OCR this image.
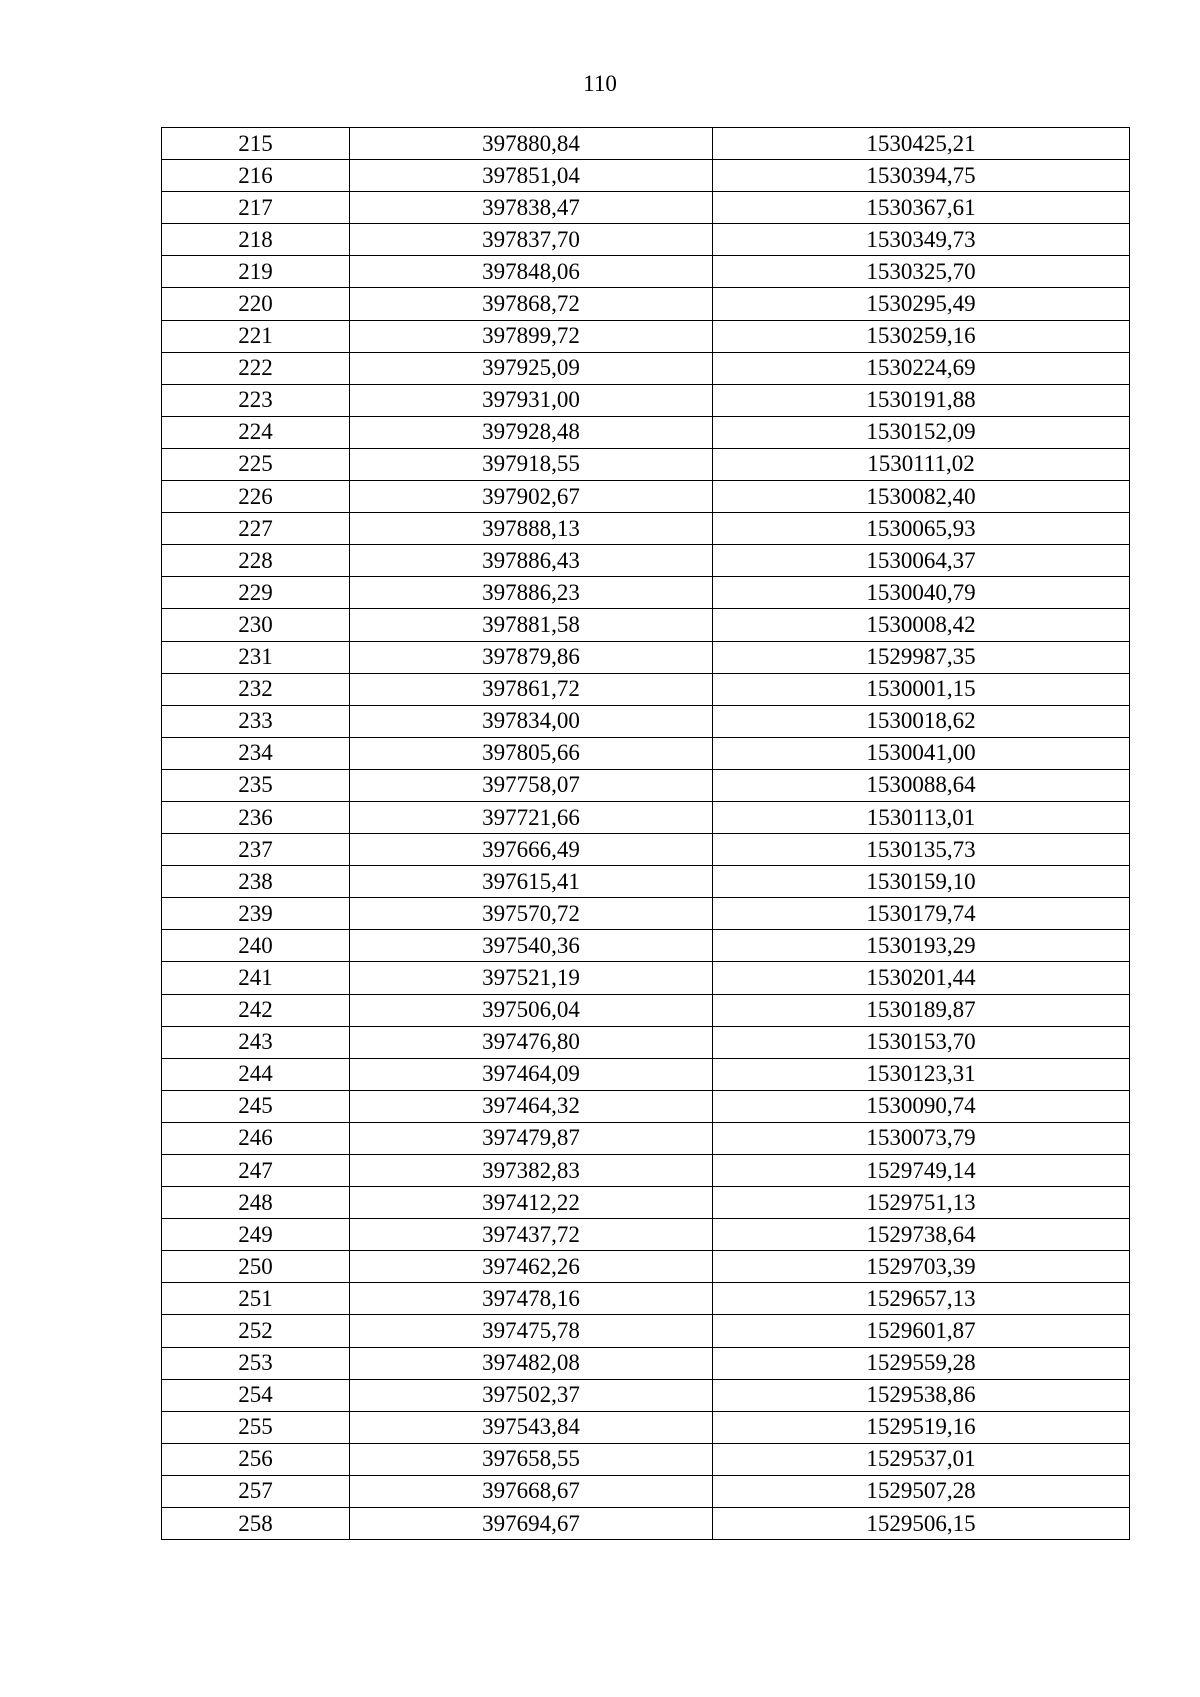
110
215	397880,84	1530425,21
216	397851,04	1530394,75
217	397838,47	1530367,61
218	397837,70	1530349,73
219	397848,06	1530325,70
220	397868,72	1530295,49
221	397899,72	1530259,16
222	397925,09	1530224,69
223	397931,00	1530191,88
224	397928,48	1530152,09
225	397918,55	1530111,02
226	397902,67	1530082,40
227	397888,13	1530065,93
228	397886,43	1530064,37
229	397886,23	1530040,79
230	397881,58	1530008,42
231	397879,86	1529987,35
232	397861,72	1530001,15
233	397834,00	1530018,62
234	397805,66	1530041,00
235	397758,07	1530088,64
236	397721,66	1530113,01
237	397666,49	1530135,73
238	397615,41	1530159,10
239	397570,72	1530179,74
240	397540,36	1530193,29
241	397521,19	1530201,44
242	397506,04	1530189,87
243	397476,80	1530153,70
244	397464,09	1530123,31
245	397464,32	1530090,74
246	397479,87	1530073,79
247	397382,83	1529749,14
248	397412,22	1529751,13
249	397437,72	1529738,64
250	397462,26	1529703,39
251	397478,16	1529657,13
252	397475,78	1529601,87
253	397482,08	1529559,28
254	397502,37	1529538,86
255	397543,84	1529519,16
256	397658,55	1529537,01
257	397668,67	1529507,28
258	397694,67	1529506,15
